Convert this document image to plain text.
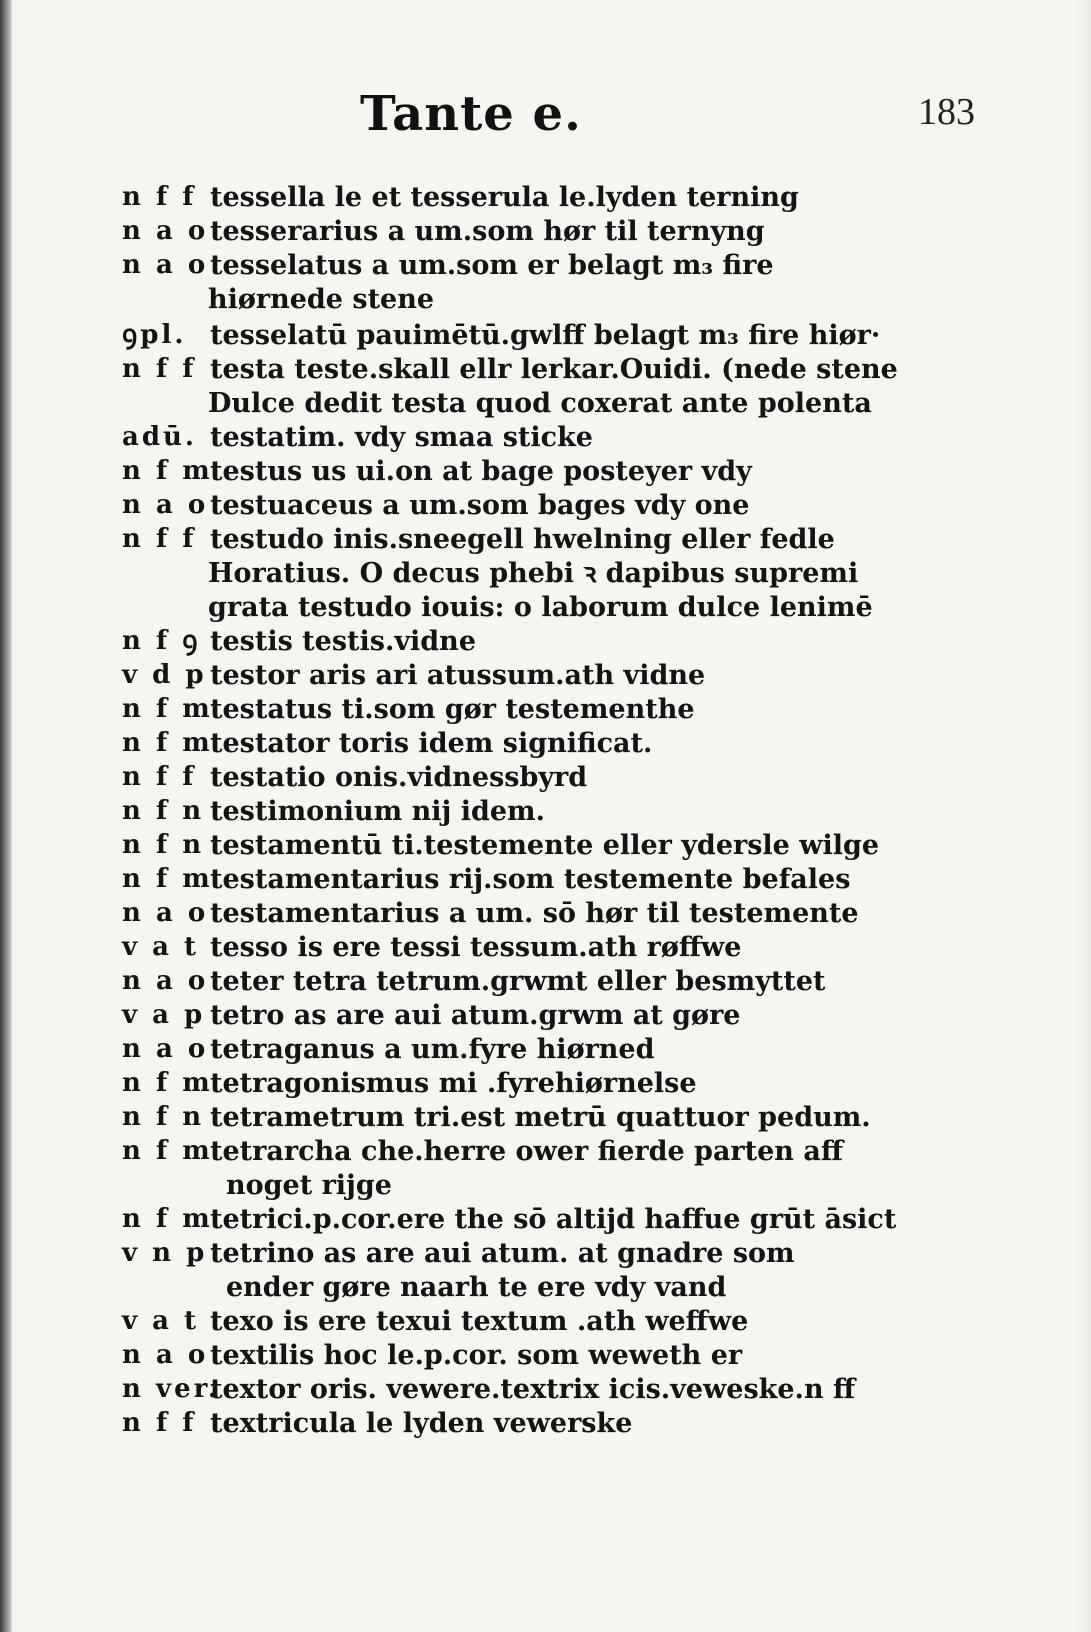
Tante e.	183
n f f tessella le et tesserula le.lyden terning
n a o tesserarius a um.som hør til ternyng
n a o tesselatus a um.som er belagt m₃ fire
hiørnede stene
ꝯpl. tesselatū pauimētū.gwlff belagt m₃ fire hiør·
n f f testa teste.skall ellr lerkar.Ouidi. (nede stene
Dulce dedit testa quod coxerat ante polenta
adū. testatim. vdy smaa sticke
n f m
testus us ui.on at bage posteyer vdy
n a o testuaceus a um.som bages vdy one
n f f testudo inis.sneegell hwelning eller fedle
Horatius. O decus phebi ꝛ dapibus supremi
grata testudo iouis: o laborum dulce lenimē
n f ꝯ testis testis.vidne
v d p testor aris ari atussum.ath vidne
n f m
testatus ti.som gør testementhe
n f m
testator toris idem significat.
n f f testatio onis.vidnessbyrd
n f n testimonium nij idem.
n f n testamentū ti.testemente eller ydersle wilge
n f m
testamentarius rij.som testemente befales
n a o testamentarius a um. sō hør til testemente
v a t tesso is ere tessi tessum.ath røffwe
n a o teter tetra tetrum.grwmt eller besmyttet
v a p tetro as are aui atum.grwm at gøre
n a o tetraganus a um.fyre hiørned
n f m
tetragonismus mi .fyrehiørnelse
n f n tetrametrum tri.est metrū quattuor pedum.
n f m
tetrarcha che.herre ower fierde parten aff
noget rijge
n f m
tetrici.p.cor.ere the sō altijd haffue grūt āsict
v n p tetrino as are aui atum. at gnadre som
ender gøre naarh te ere vdy vand
v a t texo is ere texui textum .ath weffwe
n a o textilis hoc le.p.cor. som weweth er
n ver.
textor oris. vewere.textrix icis.veweske.n ff
n f f textricula le lyden vewerske
